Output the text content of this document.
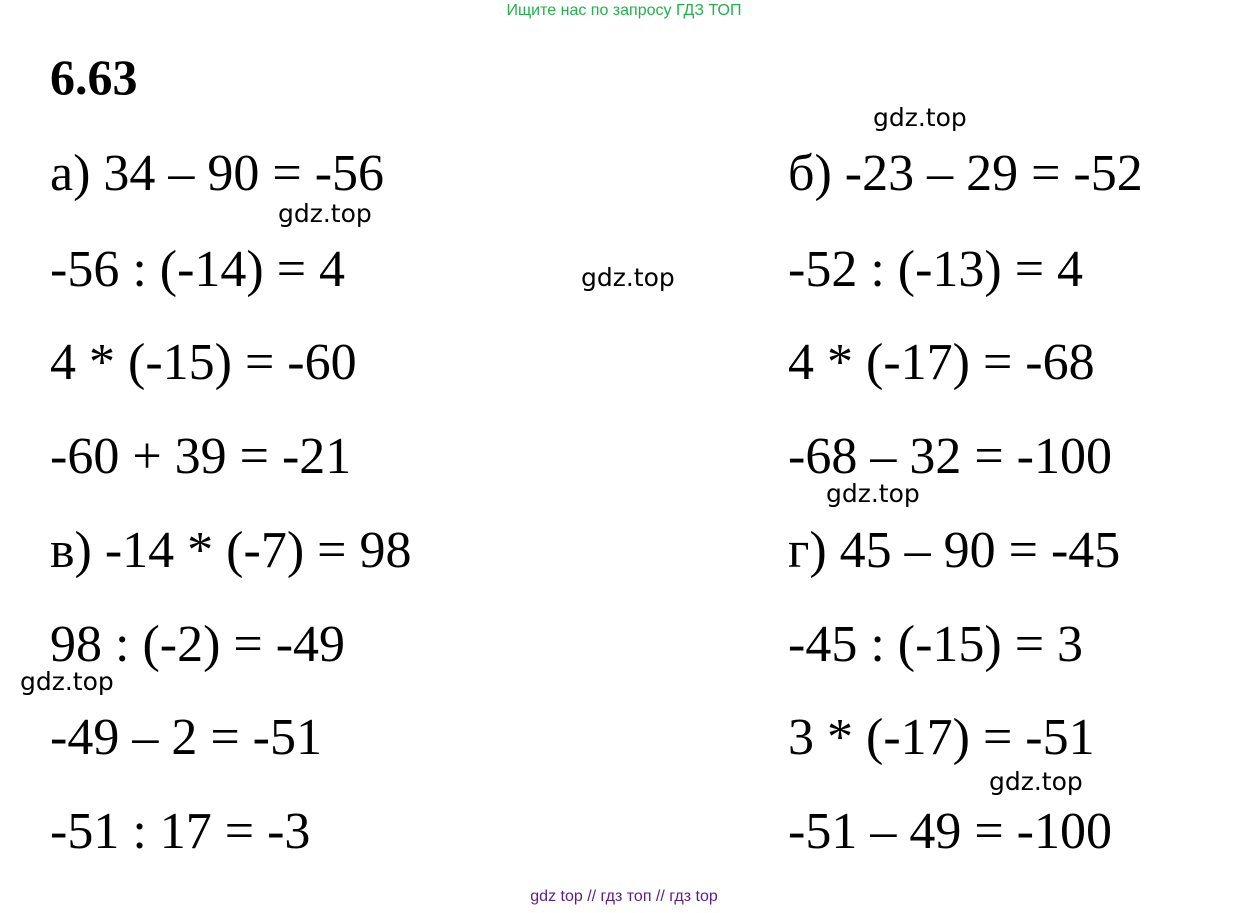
Ищите нас по запросу ГДЗ ТОП
6.63
а) 34 – 90 = -56
-56 : (-14) = 4
4 * (-15) = -60
-60 + 39 = -21
в) -14 * (-7) = 98
98 : (-2) = -49
-49 – 2 = -51
-51 : 17 = -3
б) -23 – 29 = -52
-52 : (-13) = 4
4 * (-17) = -68
-68 – 32 = -100
г) 45 – 90 = -45
-45 : (-15) = 3
3 * (-17) = -51
-51 – 49 = -100
gdz.top
gdz.top
gdz.top
gdz.top
gdz.top
gdz.top
gdz top // гдз топ // гдз top
